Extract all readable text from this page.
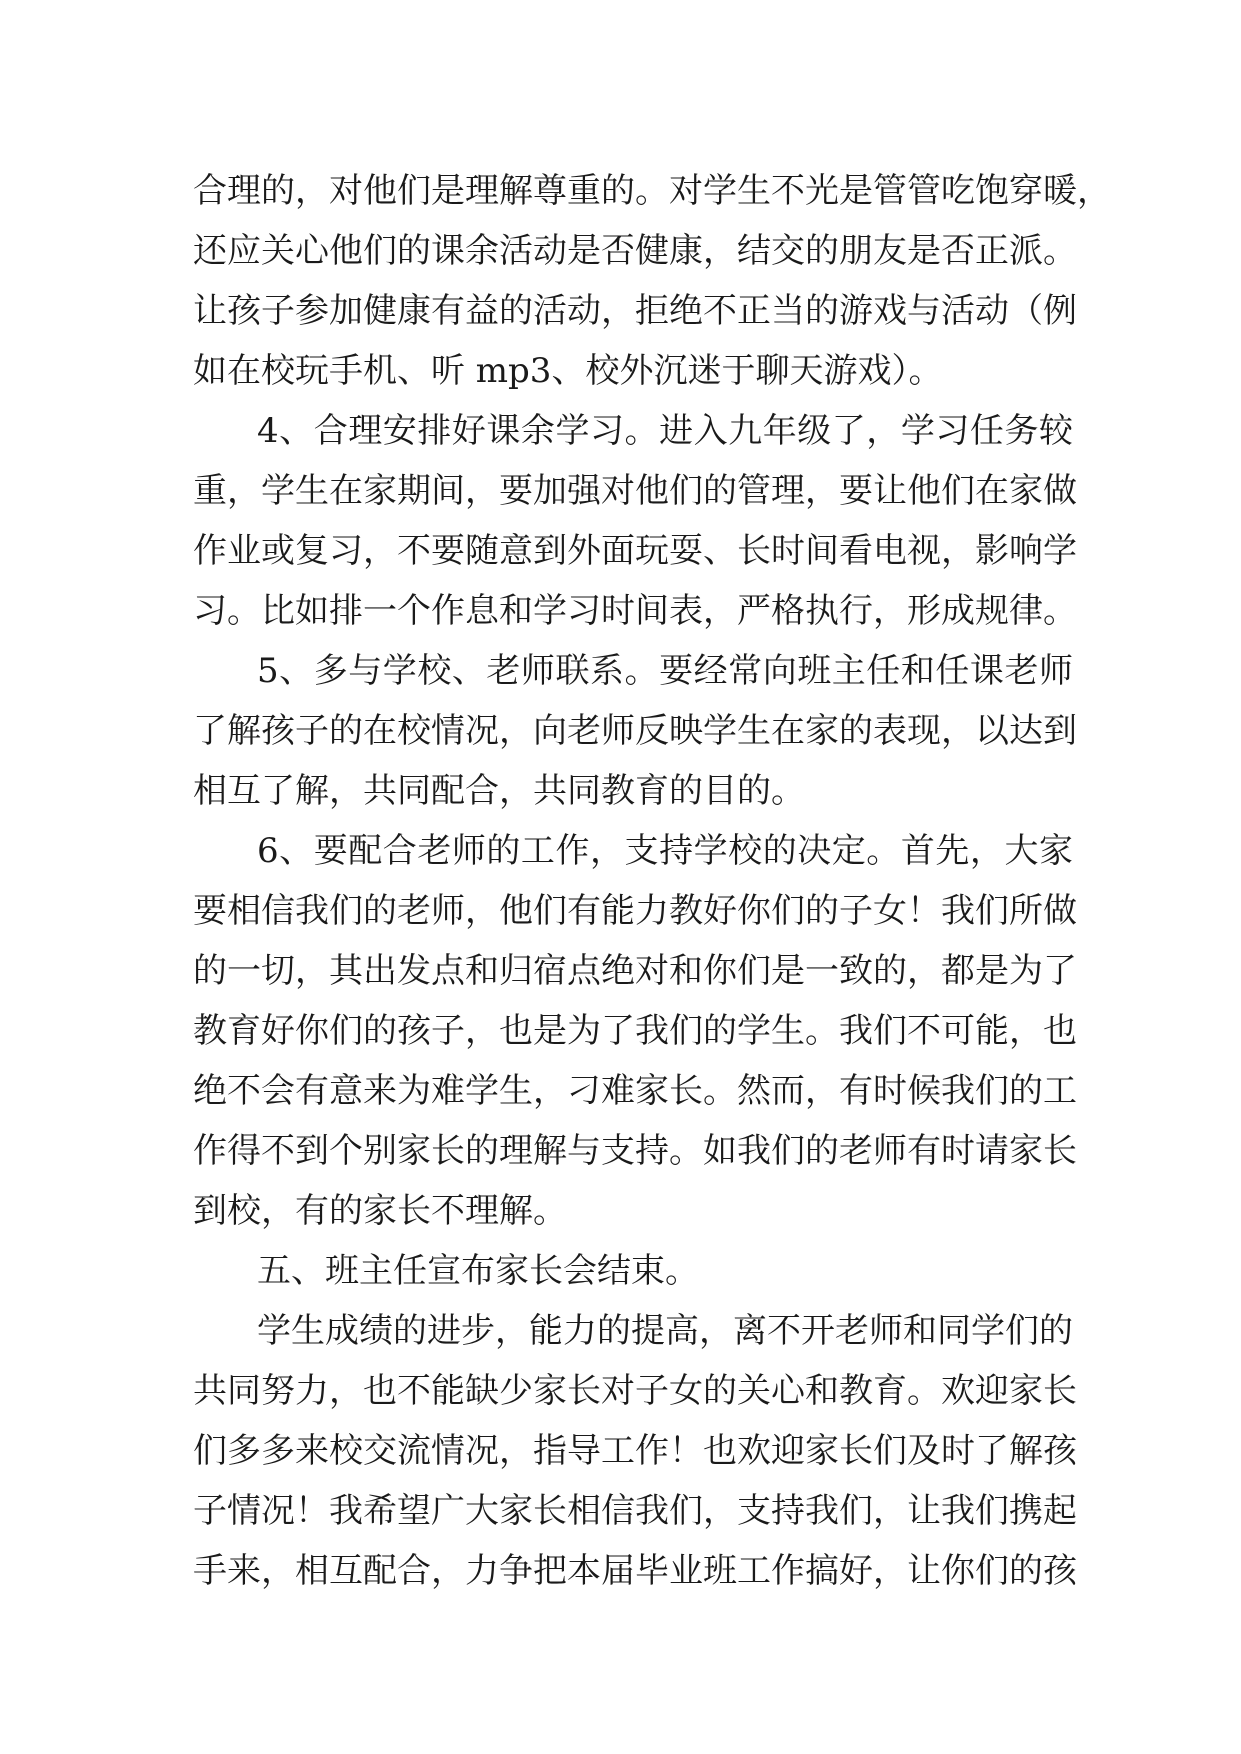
合理的，对他们是理解尊重的。对学生不光是管管吃饱穿暖，
还应关心他们的课余活动是否健康，结交的朋友是否正派。
让孩子参加健康有益的活动，拒绝不正当的游戏与活动（例
如在校玩手机、听 mp3、校外沉迷于聊天游戏）。
4、合理安排好课余学习。进入九年级了，学习任务较
重，学生在家期间，要加强对他们的管理，要让他们在家做
作业或复习，不要随意到外面玩耍、长时间看电视，影响学
习。比如排一个作息和学习时间表，严格执行，形成规律。
5、多与学校、老师联系。要经常向班主任和任课老师
了解孩子的在校情况，向老师反映学生在家的表现，以达到
相互了解，共同配合，共同教育的目的。
6、要配合老师的工作，支持学校的决定。首先，大家
要相信我们的老师，他们有能力教好你们的子女！我们所做
的一切，其出发点和归宿点绝对和你们是一致的，都是为了
教育好你们的孩子，也是为了我们的学生。我们不可能，也
绝不会有意来为难学生，刁难家长。然而，有时候我们的工
作得不到个别家长的理解与支持。如我们的老师有时请家长
到校，有的家长不理解。
五、班主任宣布家长会结束。
学生成绩的进步，能力的提高，离不开老师和同学们的
共同努力，也不能缺少家长对子女的关心和教育。欢迎家长
们多多来校交流情况，指导工作！也欢迎家长们及时了解孩
子情况！我希望广大家长相信我们，支持我们，让我们携起
手来，相互配合，力争把本届毕业班工作搞好，让你们的孩
